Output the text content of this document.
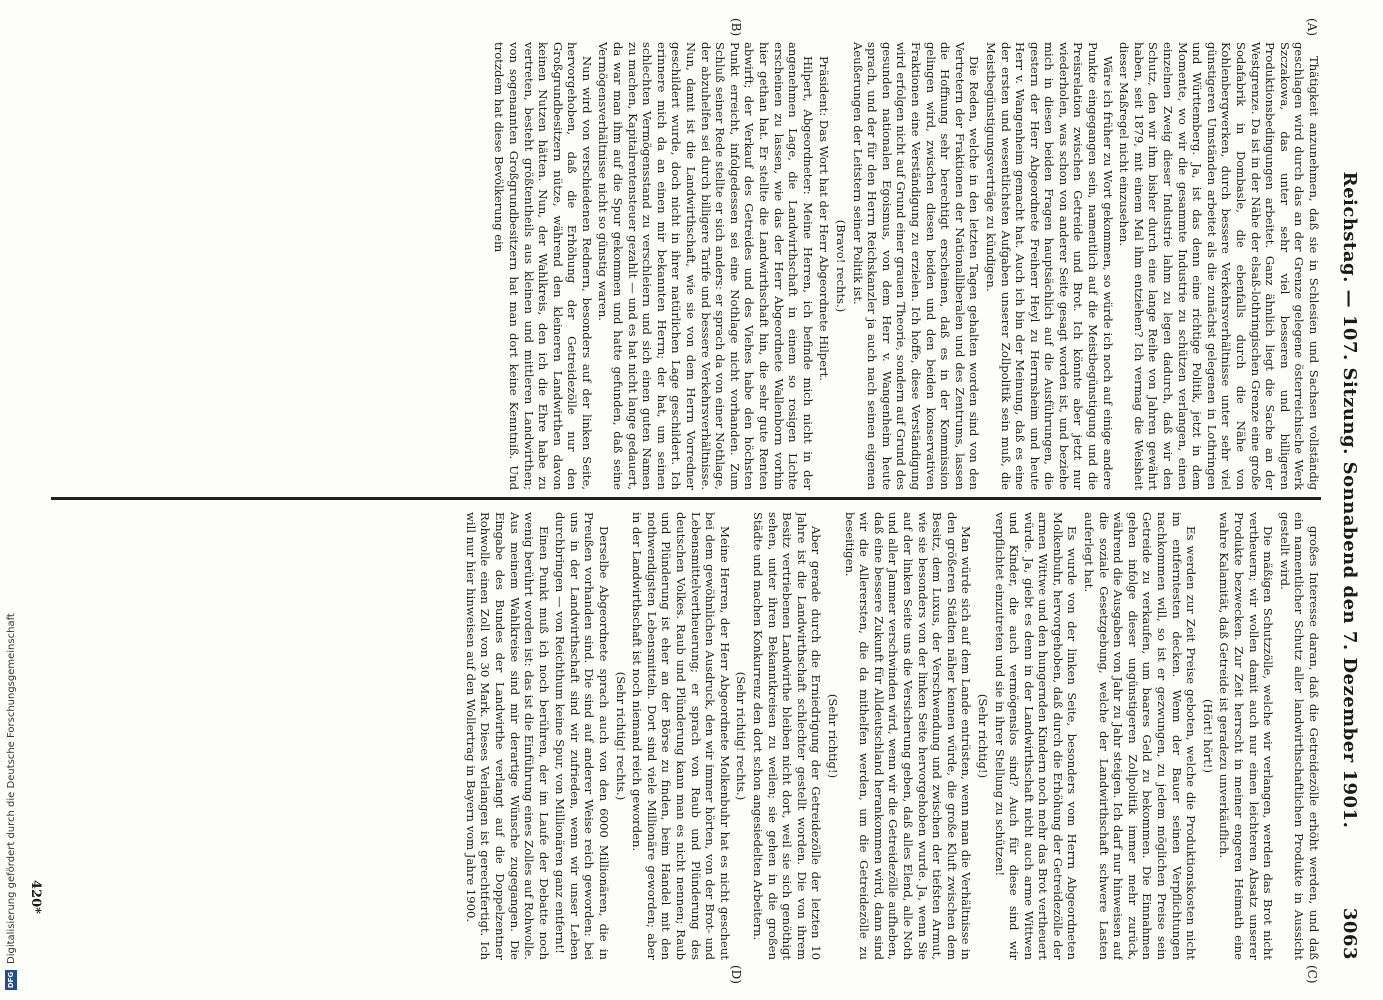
Reichstag. — 107. Sitzung. Sonnabend den 7. Dezember 1901.
3063
(A)
(B)
(C)
(D)

Thätigkeit anzunehmen, daß sie in Schlesien und Sachsen vollständig geschlagen wird durch das an der Grenze gelegene österreichische Werk Szczakowa, das unter sehr viel besseren und billigeren Produktionsbedingungen arbeitet. Ganz ähnlich liegt die Sache an der Westgrenze. Da ist in der Nähe der elsaß-lothringischen Grenze eine große Sodafabrik in Dombasle, die ebenfalls durch die Nähe von Kohlenbergwerken, durch bessere Verkehrsverhältnisse unter sehr viel günstigeren Umständen arbeitet als die zunächst gelegenen in Lothringen und Württemberg. Ja, ist das denn eine richtige Politik, jetzt in dem Momente, wo wir die gesammte Industrie zu schützen verlangen, einen einzelnen Zweig dieser Industrie lahm zu legen dadurch, daß wir den Schutz, den wir ihm bisher durch eine lange Reihe von Jahren gewährt haben, seit 1879, mit einem Mal ihm entziehen? Ich vermag die Weisheit dieser Maßregel nicht einzusehen.

Wäre ich früher zu Wort gekommen, so würde ich noch auf einige andere Punkte eingegangen sein, namentlich auf die Meistbegünstigung und die Preisrelation zwischen Getreide und Brot. Ich könnte aber jetzt nur wiederholen, was schon von anderer Seite gesagt worden ist, und beziehe mich in diesen beiden Fragen hauptsächlich auf die Ausführungen, die gestern der Herr Abgeordnete Freiherr Heyl zu Herrnsheim und heute Herr v. Wangenheim gemacht hat. Auch ich bin der Meinung, daß es eine der ersten und wesentlichsten Aufgaben unserer Zollpolitik sein muß, die Meistbegünstigungsverträge zu kündigen.

Die Reden, welche in den letzten Tagen gehalten worden sind von den Vertretern der Fraktionen der Nationalliberalen und des Zentrums, lassen die Hoffnung sehr berechtigt erscheinen, daß es in der Kommission gelingen wird, zwischen diesen beiden und den beiden konservativen Fraktionen eine Verständigung zu erzielen. Ich hoffe, diese Verständigung wird erfolgen nicht auf Grund einer grauen Theorie, sondern auf Grund des gesunden nationalen Egoismus, von dem Herr v. Wangenheim heute sprach, und der für den Herrn Reichskanzler ja auch nach seinen eigenen Aeußerungen der Leitstern seiner Politik ist.

(Bravo! rechts.)

Präsident: Das Wort hat der Herr Abgeordnete Hilpert.

Hilpert, Abgeordneter: Meine Herren, ich befinde mich nicht in der angenehmen Lage, die Landwirthschaft in einem so rosigen Lichte erscheinen zu lassen, wie das der Herr Abgeordnete Wallenborn vorhin hier gethan hat. Er stellte die Landwirthschaft hin, die sehr gute Renten abwirft; der Verkauf des Getreides und des Viehes habe den höchsten Punkt erreicht, infolgedessen sei eine Nothlage nicht vorhanden. Zum Schluß seiner Rede stellte er sich anders: er sprach da von einer Nothlage, der abzuhelfen sei durch billigere Tarife und bessere Verkehrsverhältnisse. Nun, damit ist die Landwirthschaft, wie sie von dem Herrn Vorredner geschildert wurde, doch nicht in ihrer natürlichen Lage geschildert. Ich erinnere mich da an einen mir bekannten Herrn; der hat, um seinen schlechten Vermögensstand zu verschleiern und sich einen guten Namen zu machen, Kapitalrentensteuer gezahlt — und es hat nicht lange gedauert, da war man ihm auf die Spur gekommen und hatte gefunden, daß seine Vermögensverhältnisse nicht so günstig waren.

Nun wird von verschiedenen Rednern, besonders auf der linken Seite, hervorgehoben, daß die Erhöhung der Getreidezölle nur den Großgrundbesitzern nütze, während den kleineren Landwirthen davon keinen Nutzen hätten. Nun, der Wahlkreis, den ich die Ehre habe zu vertreten, besteht größtentheils aus kleinen und mittleren Landwirthen; von sogenannten Großgrundbesitzern hat man dort keine Kenntniß. Und trotzdem hat diese Bevölkerung ein

großes Interesse daran, daß die Getreidezölle erhöht werden, und daß ein namentlicher Schutz aller landwirthschaftlichen Produkte in Aussicht gestellt wird.

Die mäßigen Schutzzölle, welche wir verlangen, werden das Brot nicht vertheuern; wir wollen damit auch nur einen leichteren Absatz unserer Produkte bezwecken. Zur Zeit herrscht in meiner engeren Heimath eine wahre Kalamität, daß Getreide ist geradezu unverkäuflich.

(Hört! hört!)

Es werden zur Zeit Preise geboten, welche die Produktionskosten nicht im entferntesten decken. Wenn der Bauer seinen Verpflichtungen nachkommen will, so ist er gezwungen, zu jedem möglichen Preise sein Getreide zu verkaufen, um baares Geld zu bekommen. Die Einnahmen gehen infolge dieser ungünstigeren Zollpolitik immer mehr zurück, während die Ausgaben von Jahr zu Jahr steigen. Ich darf nur hinweisen auf die soziale Gesetzgebung, welche der Landwirthschaft schwere Lasten auferlegt hat.

Es wurde von der linken Seite, besonders vom Herrn Abgeordneten Molkenbuhr, hervorgehoben, daß durch die Erhöhung der Getreidezölle der armen Wittwe und den hungernden Kindern noch mehr das Brot vertheuert würde. Ja, giebt es denn in der Landwirthschaft nicht auch arme Wittwen und Kinder, die auch vermögenslos sind? Auch für diese sind wir verpflichtet einzutreten und sie in ihrer Stellung zu schützen!

(Sehr richtig!)

Man würde sich auf dem Lande entrüsten, wenn man die Verhältnisse in den größeren Städten näher kennen würde, die große Kluft zwischen dem Besitz, dem Luxus, der Verschwendung und zwischen der tiefsten Armut, wie sie besonders von der linken Seite hervorgehoben wurde. Ja, wenn Sie auf der linken Seite uns die Versicherung geben, daß alles Elend, alle Noth und aller Jammer verschwinden wird, wenn wir die Getreidezölle aufheben, daß eine bessere Zukunft für Alldeutschland herankommen wird, dann sind wir die Allerersten, die da mithelfen werden, um die Getreidezölle zu beseitigen.

(Sehr richtig!)

Aber gerade durch die Erniedrigung der Getreidezölle der letzten 10 Jahre ist die Landwirthschaft schlechter gestellt worden. Die von ihrem Besitz vertriebenen Landwirthe bleiben nicht dort, weil sie sich genöthigt sehen, unter ihren Bekanntkreisen zu weilen; sie gehen in die großen Städte und machen Konkurrenz den dort schon angesiedelten Arbeitern.

(Sehr richtig! rechts.)

Meine Herren, der Herr Abgeordnete Molkenbuhr hat es nicht gescheut bei dem gewöhnlichen Ausdruck, den wir immer hörten, von der Brot- und Lebensmittelvertheuerung; er sprach von Raub und Plünderung des deutschen Volkes. Raub und Plünderung kann man es nicht nennen; Raub und Plünderung ist eher an der Börse zu finden, beim Handel mit den nothwendigsten Lebensmitteln. Dort sind viele Millionäre geworden; aber in der Landwirthschaft ist noch niemand reich geworden.

(Sehr richtig! rechts.)

Derselbe Abgeordnete sprach auch von den 6000 Millionären, die in Preußen vorhanden sind. Die sind auf anderer Weise reich geworden: bei uns in der Landwirthschaft sind wir zufrieden, wenn wir unser Leben durchbringen — von Reichthum keine Spur, von Millionären ganz entfernt!

Einen Punkt muß ich noch berühren, der im Laufe der Debatte noch wenig berührt worden ist: das ist die Einführung eines Zolles auf Rohwolle. Aus meinem Wahlkreise sind mir derartige Wünsche zugegangen. Die Eingabe des Bundes der Landwirthe verlangt auf die Doppelzentner Rohwolle einen Zoll von 30 Mark. Dieses Verlangen ist gerechtfertigt. Ich will nur hier hinweisen auf den Wollertrag in Bayern vom Jahre 1900.

420*
DFG
Digitalisierung gefördert durch die Deutsche Forschungsgemeinschaft
